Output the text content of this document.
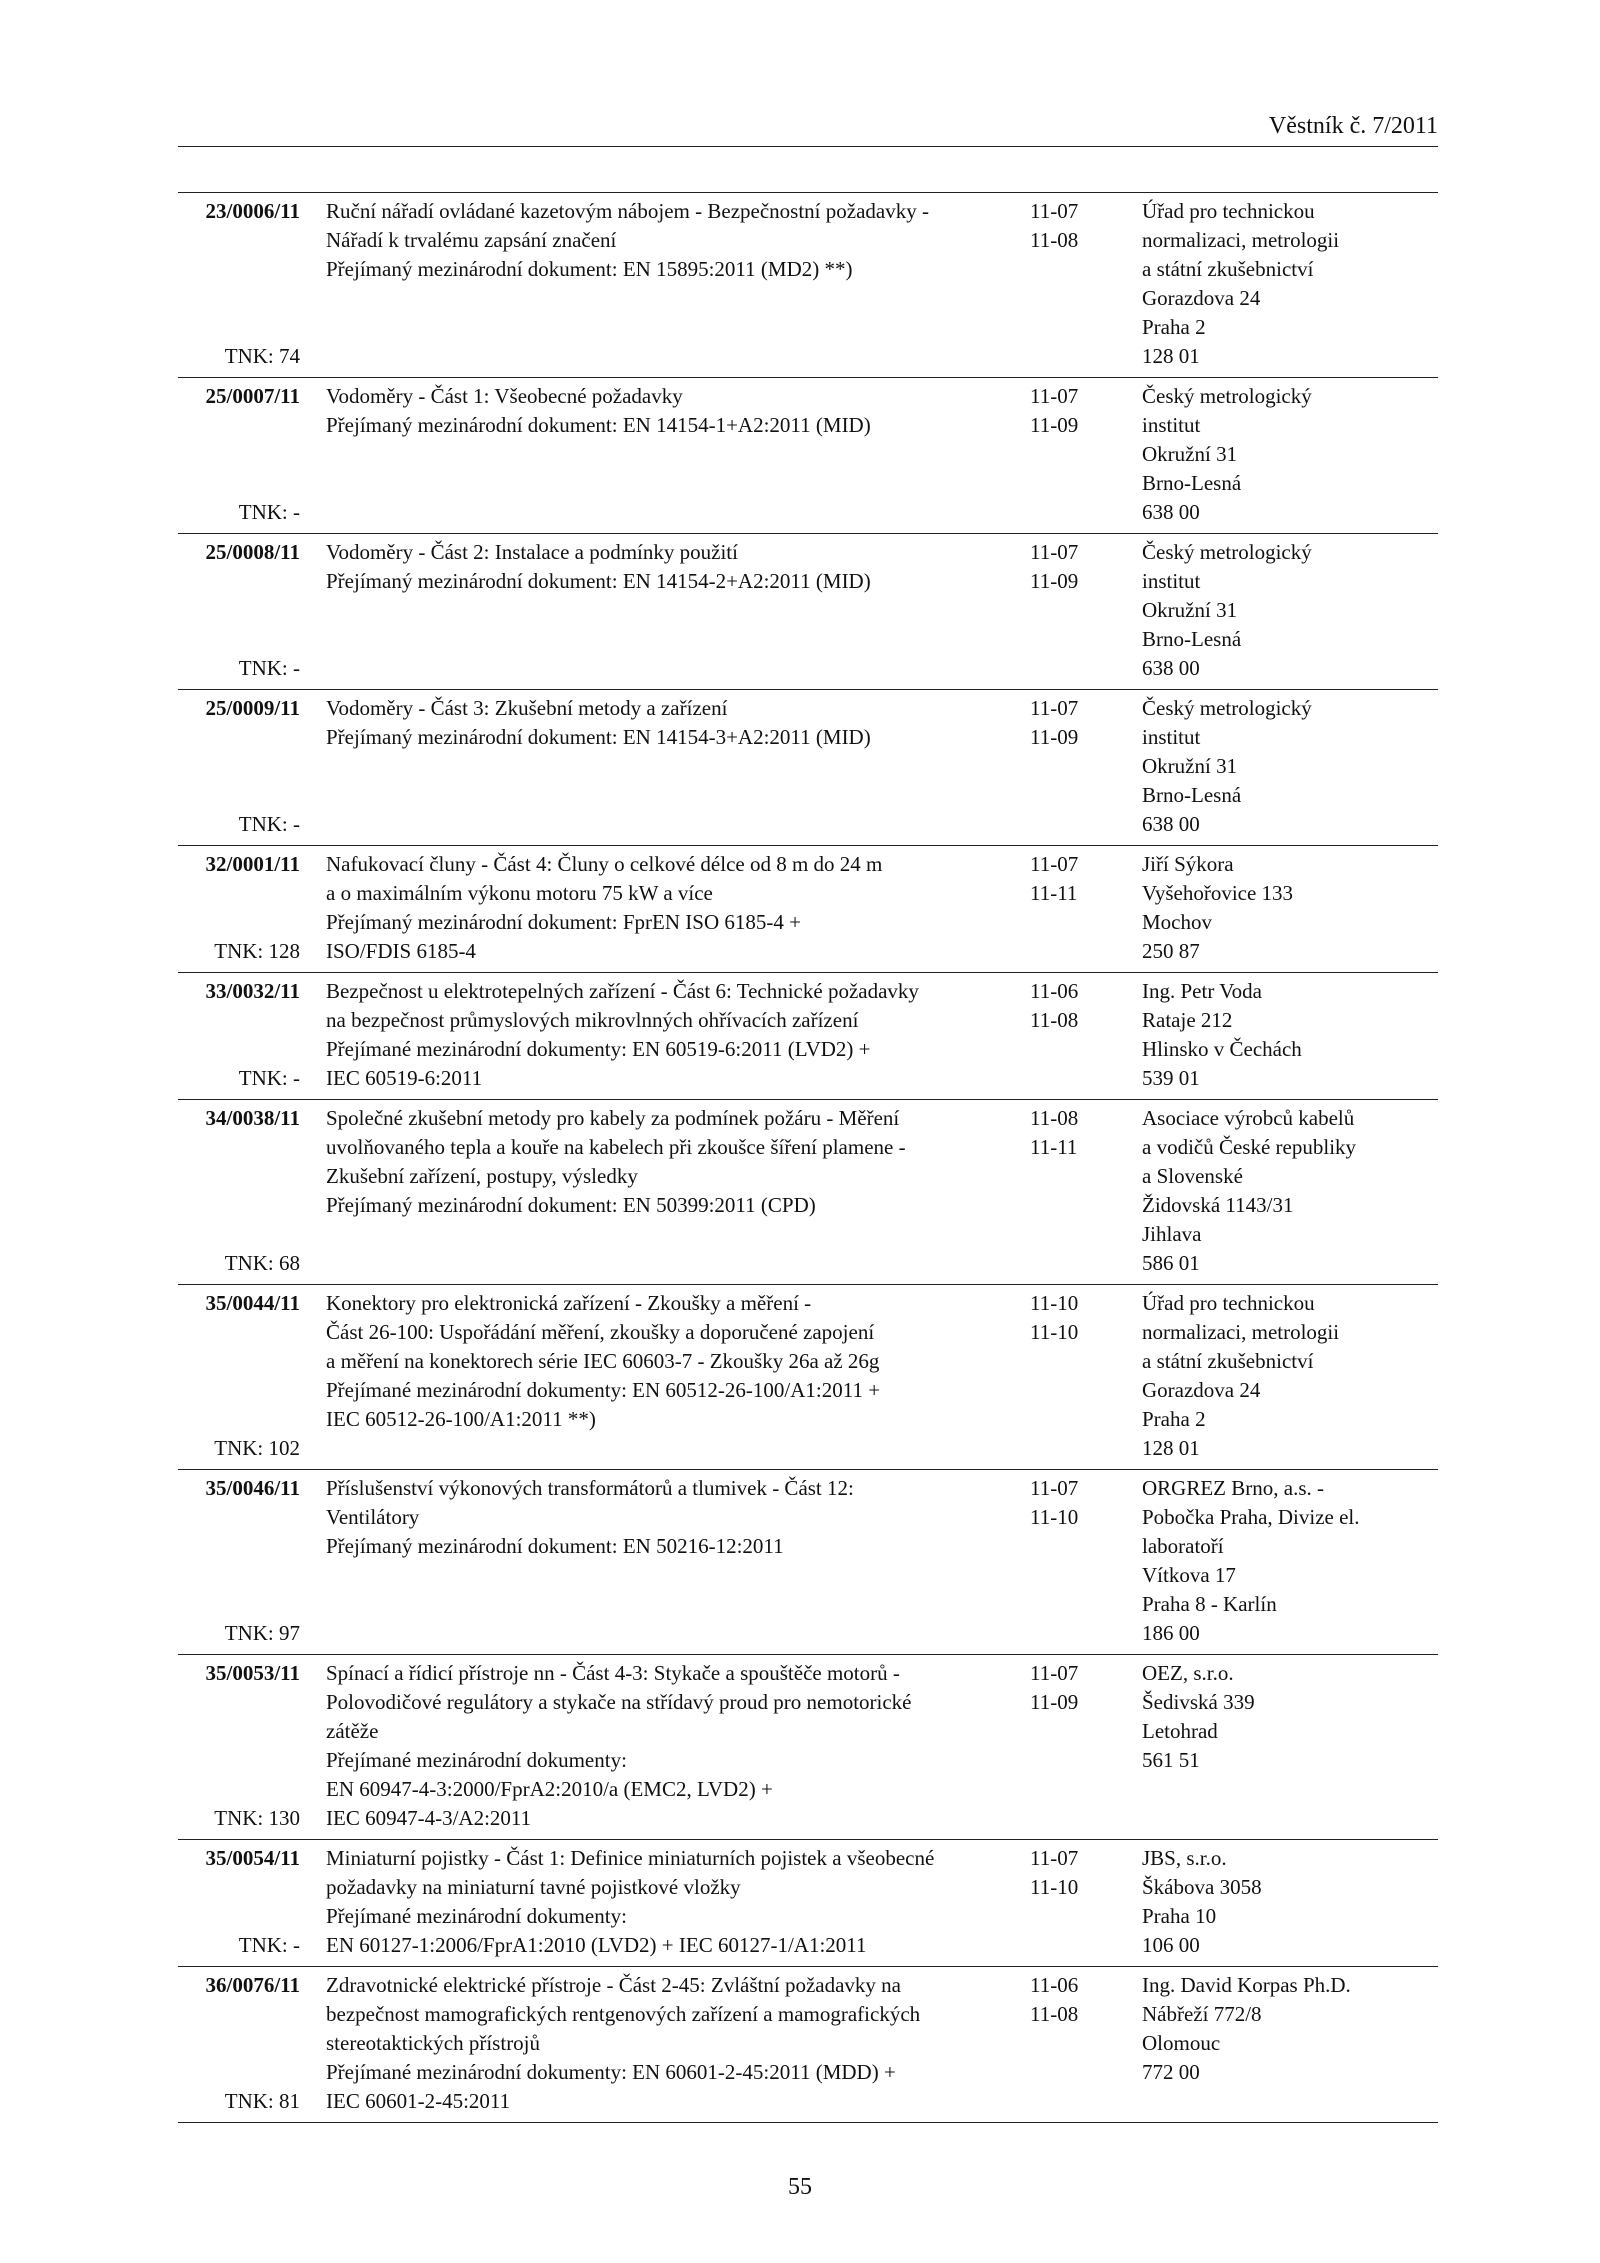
Věstník č. 7/2011
23/0006/11
TNK: 74
Ruční nářadí ovládané kazetovým nábojem - Bezpečnostní požadavky -
Nářadí k trvalému zapsání značení
Přejímaný mezinárodní dokument: EN 15895:2011 (MD2) **)
11-07
11-08
Úřad pro technickou
normalizaci, metrologii
a státní zkušebnictví
Gorazdova 24
Praha 2
128 01
25/0007/11
TNK: -
Vodoměry - Část 1: Všeobecné požadavky
Přejímaný mezinárodní dokument: EN 14154-1+A2:2011 (MID)
11-07
11-09
Český metrologický
institut
Okružní 31
Brno-Lesná
638 00
25/0008/11
TNK: -
Vodoměry - Část 2: Instalace a podmínky použití
Přejímaný mezinárodní dokument: EN 14154-2+A2:2011 (MID)
11-07
11-09
Český metrologický
institut
Okružní 31
Brno-Lesná
638 00
25/0009/11
TNK: -
Vodoměry - Část 3: Zkušební metody a zařízení
Přejímaný mezinárodní dokument: EN 14154-3+A2:2011 (MID)
11-07
11-09
Český metrologický
institut
Okružní 31
Brno-Lesná
638 00
32/0001/11
TNK: 128
Nafukovací čluny - Část 4: Čluny o celkové délce od 8 m do 24 m
a o maximálním výkonu motoru 75 kW a více
Přejímaný mezinárodní dokument: FprEN ISO 6185-4 +
ISO/FDIS 6185-4
11-07
11-11
Jiří Sýkora
Vyšehořovice 133
Mochov
250 87
33/0032/11
TNK: -
Bezpečnost u elektrotepelných zařízení - Část 6: Technické požadavky
na bezpečnost průmyslových mikrovlnných ohřívacích zařízení
Přejímané mezinárodní dokumenty: EN 60519-6:2011 (LVD2) +
IEC 60519-6:2011
11-06
11-08
Ing. Petr Voda
Rataje 212
Hlinsko v Čechách
539 01
34/0038/11
TNK: 68
Společné zkušební metody pro kabely za podmínek požáru - Měření
uvolňovaného tepla a kouře na kabelech při zkoušce šíření plamene -
Zkušební zařízení, postupy, výsledky
Přejímaný mezinárodní dokument: EN 50399:2011 (CPD)
11-08
11-11
Asociace výrobců kabelů
a vodičů České republiky
a Slovenské
Židovská 1143/31
Jihlava
586 01
35/0044/11
TNK: 102
Konektory pro elektronická zařízení - Zkoušky a měření -
Část 26-100: Uspořádání měření, zkoušky a doporučené zapojení
a měření na konektorech série IEC 60603-7 - Zkoušky 26a až 26g
Přejímané mezinárodní dokumenty: EN 60512-26-100/A1:2011 +
IEC 60512-26-100/A1:2011 **)
11-10
11-10
Úřad pro technickou
normalizaci, metrologii
a státní zkušebnictví
Gorazdova 24
Praha 2
128 01
35/0046/11
TNK: 97
Příslušenství výkonových transformátorů a tlumivek - Část 12:
Ventilátory
Přejímaný mezinárodní dokument: EN 50216-12:2011
11-07
11-10
ORGREZ Brno, a.s. -
Pobočka Praha, Divize el.
laboratoří
Vítkova 17
Praha 8 - Karlín
186 00
35/0053/11
TNK: 130
Spínací a řídicí přístroje nn - Část 4-3: Stykače a spouštěče motorů -
Polovodičové regulátory a stykače na střídavý proud pro nemotorické
zátěže
Přejímané mezinárodní dokumenty:
EN 60947-4-3:2000/FprA2:2010/a (EMC2, LVD2) +
IEC 60947-4-3/A2:2011
11-07
11-09
OEZ, s.r.o.
Šedivská 339
Letohrad
561 51
35/0054/11
TNK: -
Miniaturní pojistky - Část 1: Definice miniaturních pojistek a všeobecné
požadavky na miniaturní tavné pojistkové vložky
Přejímané mezinárodní dokumenty:
EN 60127-1:2006/FprA1:2010 (LVD2) + IEC 60127-1/A1:2011
11-07
11-10
JBS, s.r.o.
Škábova 3058
Praha 10
106 00
36/0076/11
TNK: 81
Zdravotnické elektrické přístroje - Část 2-45: Zvláštní požadavky na
bezpečnost mamografických rentgenových zařízení a mamografických
stereotaktických přístrojů
Přejímané mezinárodní dokumenty: EN 60601-2-45:2011 (MDD) +
IEC 60601-2-45:2011
11-06
11-08
Ing. David Korpas Ph.D.
Nábřeží 772/8
Olomouc
772 00
55
